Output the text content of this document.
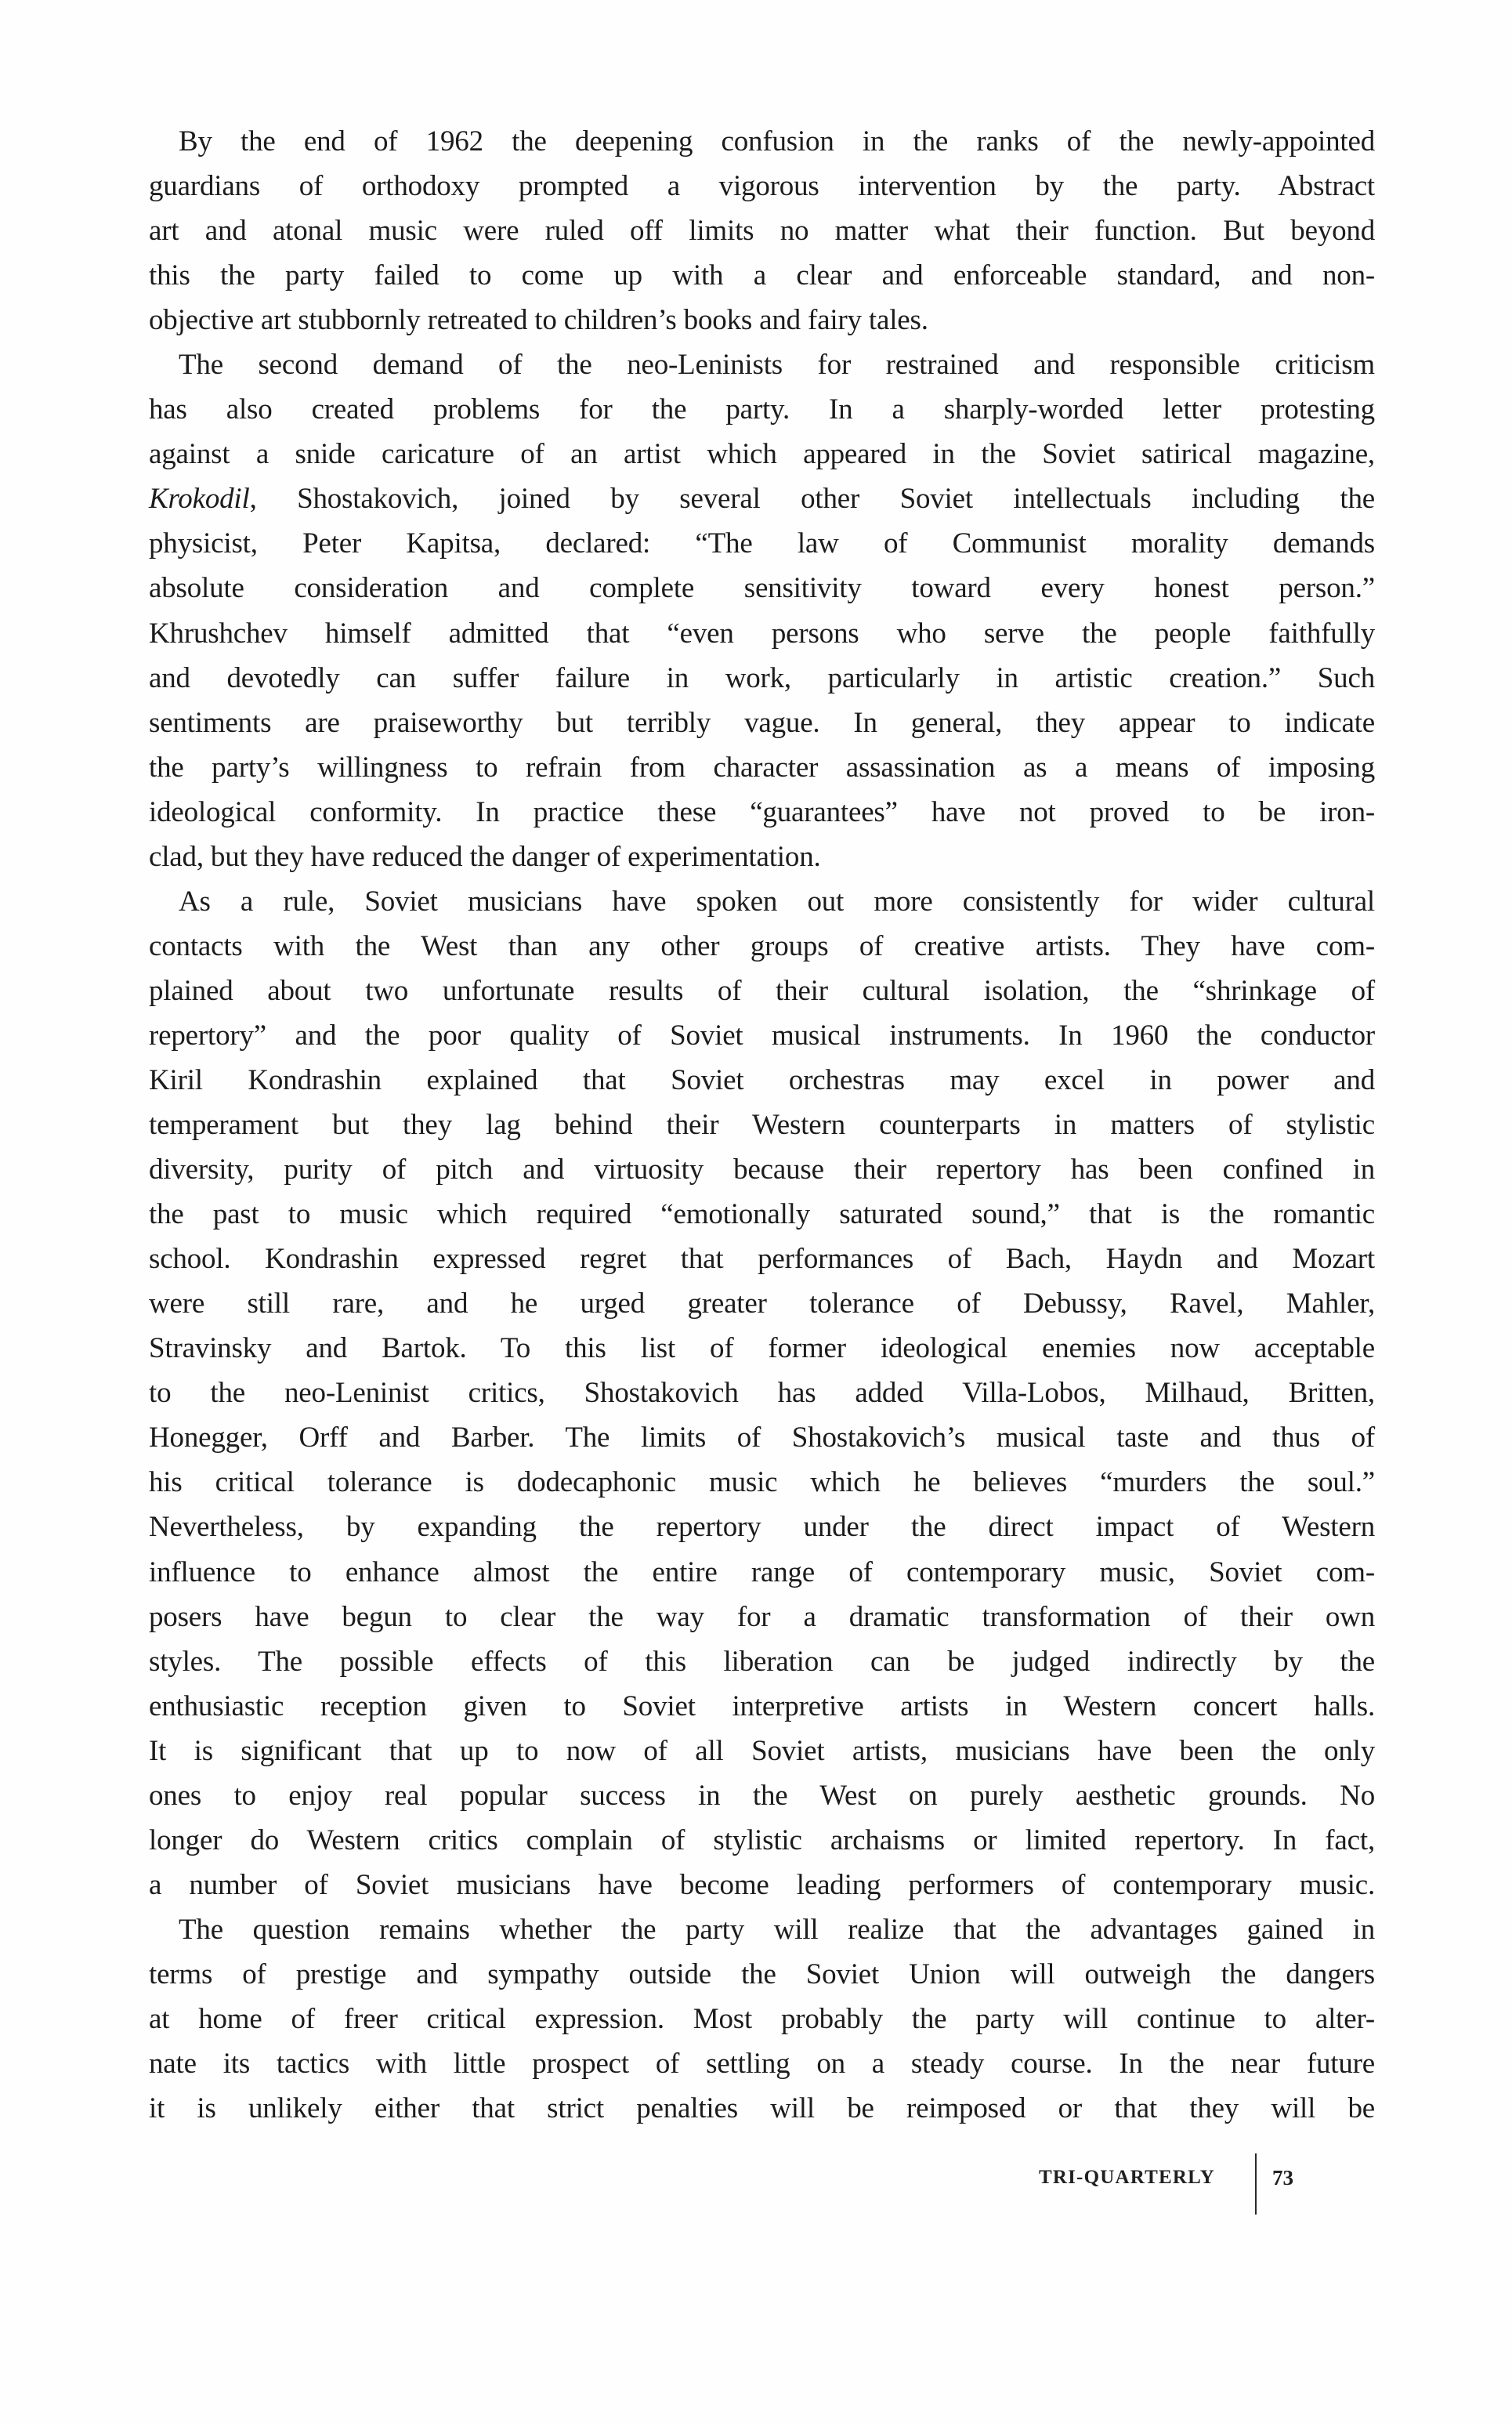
By the end of 1962 the deepening confusion in the ranks of the newly-appointed
guardians of orthodoxy prompted a vigorous intervention by the party. Abstract
art and atonal music were ruled off limits no matter what their function. But beyond
this the party failed to come up with a clear and enforceable standard, and non-
objective art stubbornly retreated to children’s books and fairy tales.
The second demand of the neo-Leninists for restrained and responsible criticism
has also created problems for the party. In a sharply-worded letter protesting
against a snide caricature of an artist which appeared in the Soviet satirical magazine,
Krokodil, Shostakovich, joined by several other Soviet intellectuals including the
physicist, Peter Kapitsa, declared: “The law of Communist morality demands
absolute consideration and complete sensitivity toward every honest person.”
Khrushchev himself admitted that “even persons who serve the people faithfully
and devotedly can suffer failure in work, particularly in artistic creation.” Such
sentiments are praiseworthy but terribly vague. In general, they appear to indicate
the party’s willingness to refrain from character assassination as a means of imposing
ideological conformity. In practice these “guarantees” have not proved to be iron-
clad, but they have reduced the danger of experimentation.
As a rule, Soviet musicians have spoken out more consistently for wider cultural
contacts with the West than any other groups of creative artists. They have com-
plained about two unfortunate results of their cultural isolation, the “shrinkage of
repertory” and the poor quality of Soviet musical instruments. In 1960 the conductor
Kiril Kondrashin explained that Soviet orchestras may excel in power and
temperament but they lag behind their Western counterparts in matters of stylistic
diversity, purity of pitch and virtuosity because their repertory has been confined in
the past to music which required “emotionally saturated sound,” that is the romantic
school. Kondrashin expressed regret that performances of Bach, Haydn and Mozart
were still rare, and he urged greater tolerance of Debussy, Ravel, Mahler,
Stravinsky and Bartok. To this list of former ideological enemies now acceptable
to the neo-Leninist critics, Shostakovich has added Villa-Lobos, Milhaud, Britten,
Honegger, Orff and Barber. The limits of Shostakovich’s musical taste and thus of
his critical tolerance is dodecaphonic music which he believes “murders the soul.”
Nevertheless, by expanding the repertory under the direct impact of Western
influence to enhance almost the entire range of contemporary music, Soviet com-
posers have begun to clear the way for a dramatic transformation of their own
styles. The possible effects of this liberation can be judged indirectly by the
enthusiastic reception given to Soviet interpretive artists in Western concert halls.
It is significant that up to now of all Soviet artists, musicians have been the only
ones to enjoy real popular success in the West on purely aesthetic grounds. No
longer do Western critics complain of stylistic archaisms or limited repertory. In fact,
a number of Soviet musicians have become leading performers of contemporary music.
The question remains whether the party will realize that the advantages gained in
terms of prestige and sympathy outside the Soviet Union will outweigh the dangers
at home of freer critical expression. Most probably the party will continue to alter-
nate its tactics with little prospect of settling on a steady course. In the near future
it is unlikely either that strict penalties will be reimposed or that they will be
TRI-QUARTERLY	73
